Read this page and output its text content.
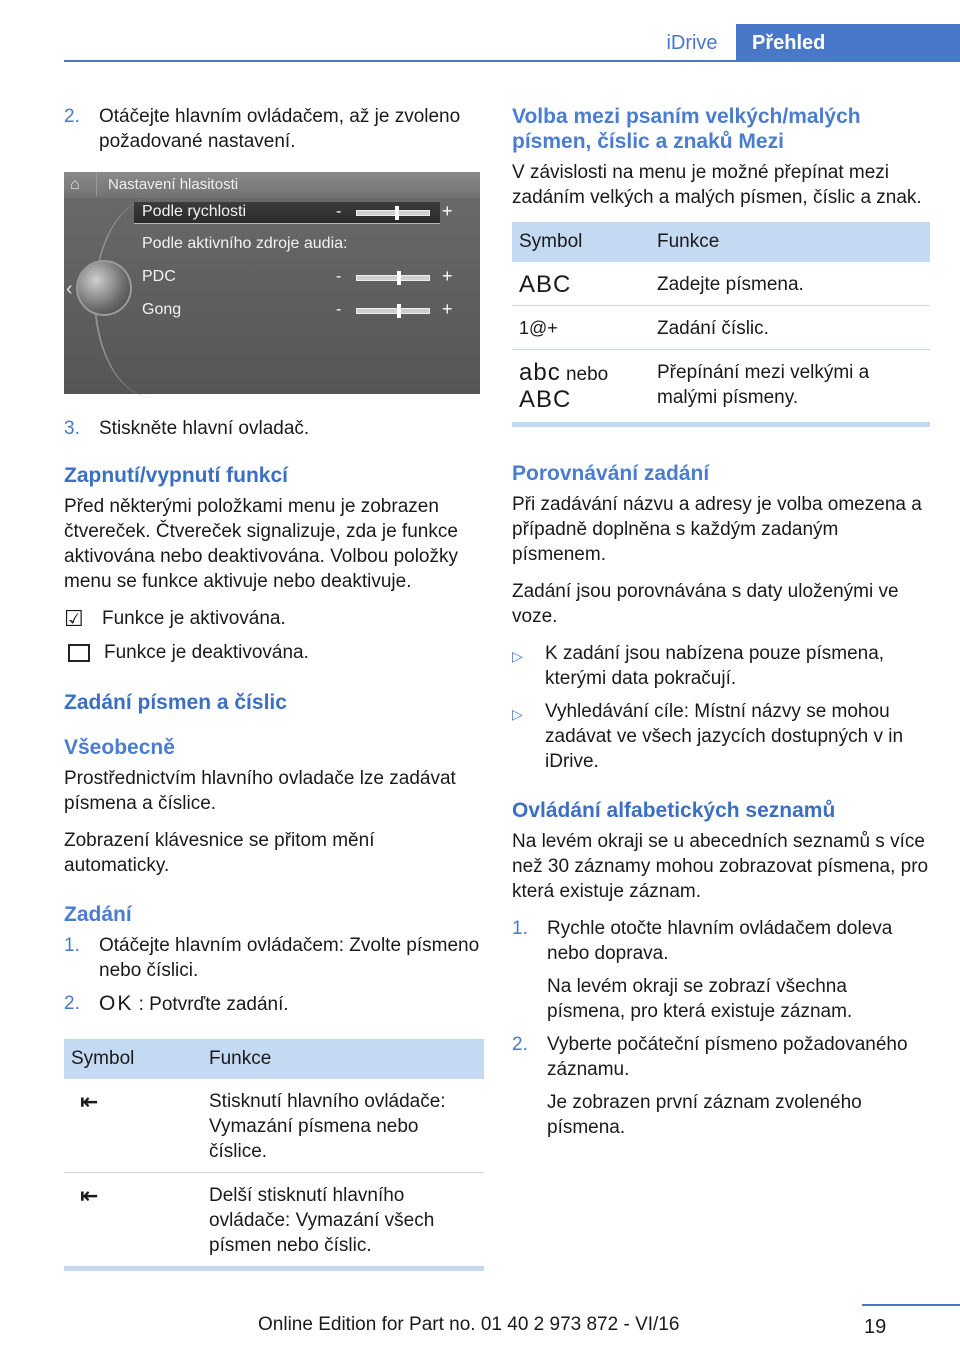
iDrive	Přehled
2.	Otáčejte hlavním ovládačem, až je zvoleno požadované nastavení.
⌂ Nastavení hlasitosti
Podle rychlosti
Podle aktivního zdroje audia:
PDC
Gong
-	+
-	+
-	+
‹
3.	Stiskněte hlavní ovladač.
Zapnutí/vypnutí funkcí

Před některými položkami menu je zobrazen čtvereček. Čtvereček signalizuje, zda je funkce aktivována nebo deaktivována. Volbou položky menu se funkce aktivuje nebo deaktivuje.

☑ Funkce je aktivována.
Funkce je deaktivována.
Zadání písmen a číslic
Všeobecně

Prostřednictvím hlavního ovladače lze zadávat písmena a číslice.

Zobrazení klávesnice se přitom mění automaticky.

Zadání
1.	Otáčejte hlavním ovládačem: Zvolte písmeno nebo číslici.
2. OK : Potvrďte zadání.
Symbol	Funkce
⇤	Stisknutí hlavního ovládače: Vymazání písmena nebo číslice.
⇤	Delší stisknutí hlavního ovládače: Vymazání všech písmen nebo číslic.
Volba mezi psaním velkých/malých písmen, číslic a znaků Mezi

V závislosti na menu je možné přepínat mezi zadáním velkých a malých písmen, číslic a znak.

Symbol	Funkce
ABC	Zadejte písmena.
1@+	Zadání číslic.
abc nebo
ABC	Přepínání mezi velkými a malými písmeny.
Porovnávání zadání

Při zadávání názvu a adresy je volba omezena a případně doplněna s každým zadaným písmenem.

Zadání jsou porovnávána s daty uloženými ve voze.

▷	K zadání jsou nabízena pouze písmena, kterými data pokračují.
▷	Vyhledávání cíle: Místní názvy se mohou zadávat ve všech jazycích dostupných v in iDrive.
Ovládání alfabetických seznamů

Na levém okraji se u abecedních seznamů s více než 30 záznamy mohou zobrazovat písmena, pro která existuje záznam.

1.	Rychle otočte hlavním ovládačem doleva nebo doprava.
Na levém okraji se zobrazí všechna písmena, pro která existuje záznam.
2.	Vyberte počáteční písmeno požadovaného záznamu.
Je zobrazen první záznam zvoleného písmena.
19
Online Edition for Part no. 01 40 2 973 872 - VI/16
